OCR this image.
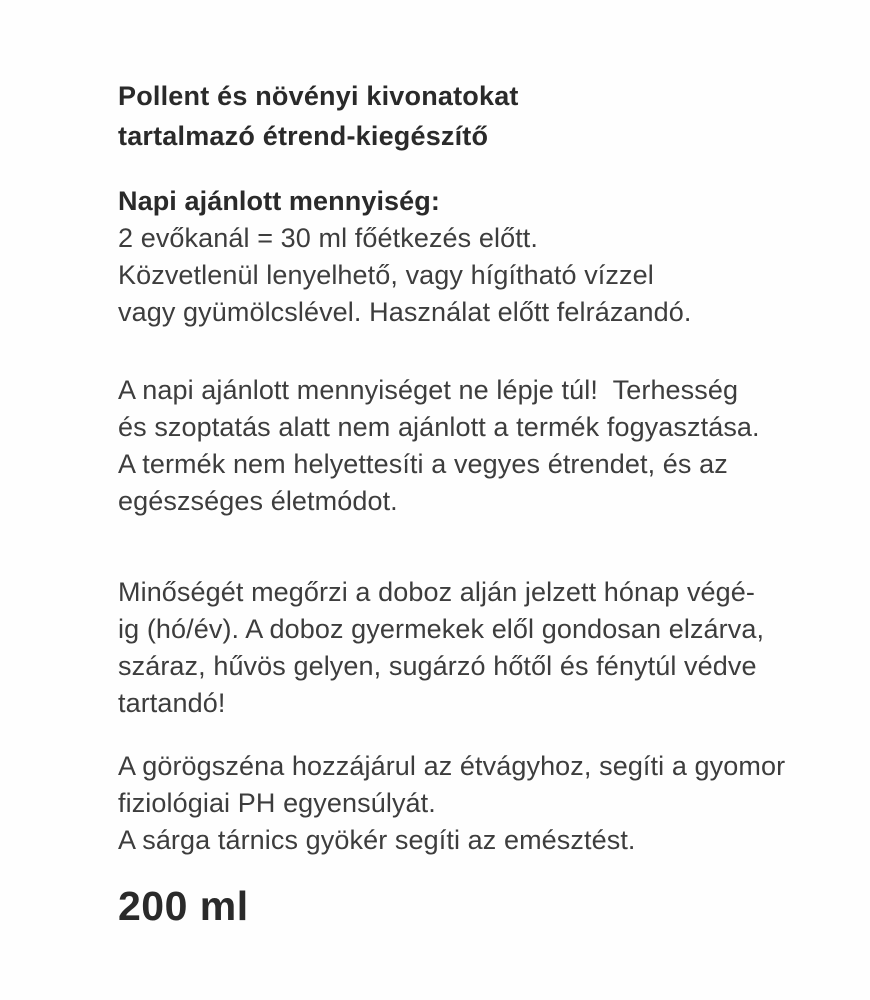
Pollent és növényi kivonatokat
tartalmazó étrend-kiegészítő
Napi ajánlott mennyiség:
2 evőkanál = 30 ml főétkezés előtt.
Közvetlenül lenyelhető, vagy hígítható vízzel
vagy gyümölcslével. Használat előtt felrázandó.
A napi ajánlott mennyiséget ne lépje túl!  Terhesség
és szoptatás alatt nem ajánlott a termék fogyasztása.
A termék nem helyettesíti a vegyes étrendet, és az
egészséges életmódot.
Minőségét megőrzi a doboz alján jelzett hónap végé-
ig (hó/év). A doboz gyermekek elől gondosan elzárva,
száraz, hűvös gelyen, sugárzó hőtől és fénytúl védve
tartandó!
A görögszéna hozzájárul az étvágyhoz, segíti a gyomor
fiziológiai PH egyensúlyát.
A sárga tárnics gyökér segíti az emésztést.
200 ml
